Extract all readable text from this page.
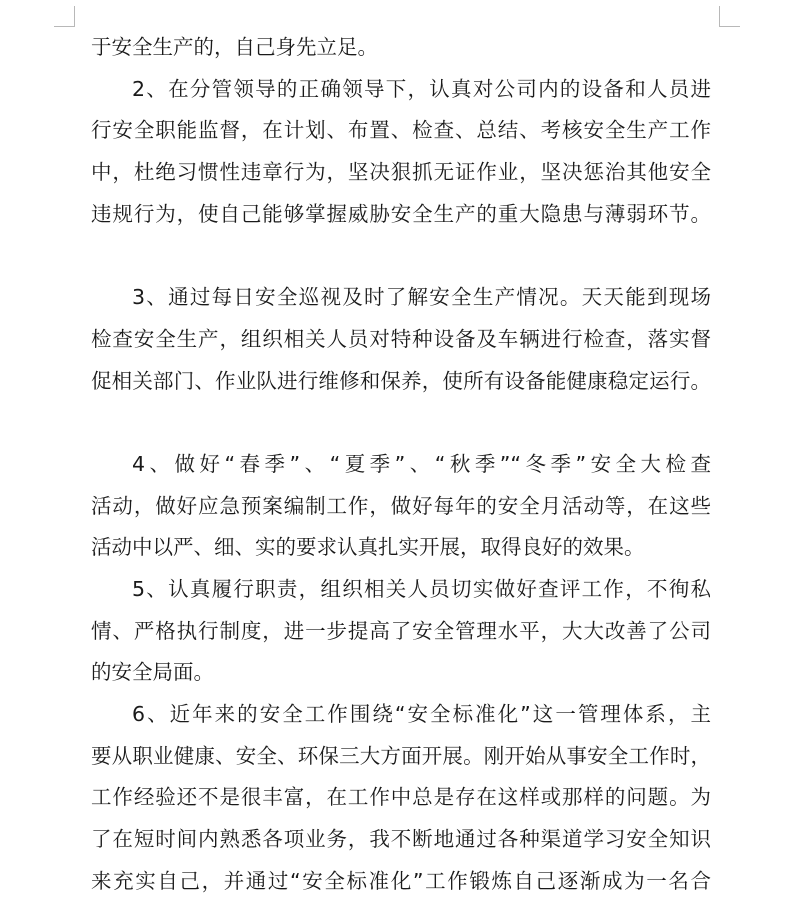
于安全生产的，自己身先立足。
2、在分管领导的正确领导下，认真对公司内的设备和人员进
行安全职能监督，在计划、布置、检查、总结、考核安全生产工作
中，杜绝习惯性违章行为，坚决狠抓无证作业，坚决惩治其他安全
违规行为，使自己能够掌握威胁安全生产的重大隐患与薄弱环节。
3、通过每日安全巡视及时了解安全生产情况。天天能到现场
检查安全生产，组织相关人员对特种设备及车辆进行检查，落实督
促相关部门、作业队进行维修和保养，使所有设备能健康稳定运行。
4、做好“春季”、“夏季”、“秋季”“冬季”安全大检查
活动，做好应急预案编制工作，做好每年的安全月活动等，在这些
活动中以严、细、实的要求认真扎实开展，取得良好的效果。
5、认真履行职责，组织相关人员切实做好查评工作，不徇私
情、严格执行制度，进一步提高了安全管理水平，大大改善了公司
的安全局面。
6、近年来的安全工作围绕“安全标准化”这一管理体系，主
要从职业健康、安全、环保三大方面开展。刚开始从事安全工作时，
工作经验还不是很丰富，在工作中总是存在这样或那样的问题。为
了在短时间内熟悉各项业务，我不断地通过各种渠道学习安全知识
来充实自己，并通过“安全标准化”工作锻炼自己逐渐成为一名合
